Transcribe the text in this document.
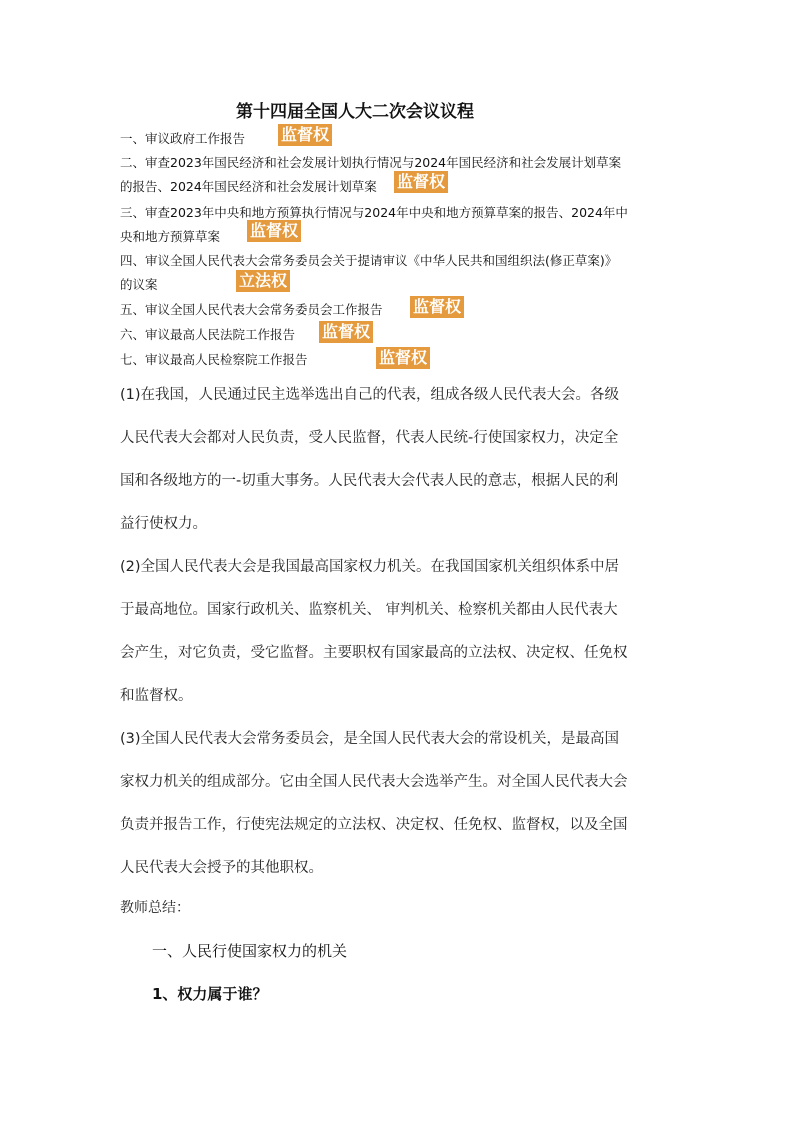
第十四届全国人大二次会议议程
一、审议政府工作报告 监督权
二、审查2023年国民经济和社会发展计划执行情况与2024年国民经济和社会发展计划草案
的报告、2024年国民经济和社会发展计划草案 监督权
三、审查2023年中央和地方预算执行情况与2024年中央和地方预算草案的报告、2024年中
央和地方预算草案 监督权
四、审议全国人民代表大会常务委员会关于提请审议《中华人民共和国组织法(修正草案)》
的议案	立法权
五、审议全国人民代表大会常务委员会工作报告 监督权
六、审议最高人民法院工作报告 监督权
七、审议最高人民检察院工作报告	监督权
(1)在我国，人民通过民主选举选出自己的代表，组成各级人民代表大会。各级
人民代表大会都对人民负责，受人民监督，代表人民统-行使国家权力，决定全
国和各级地方的一-切重大事务。人民代表大会代表人民的意志，根据人民的利
益行使权力。
(2)全国人民代表大会是我国最高国家权力机关。在我国国家机关组织体系中居
于最高地位。国家行政机关、监察机关、 审判机关、检察机关都由人民代表大
会产生，对它负责，受它监督。主要职权有国家最高的立法权、决定权、任免权
和监督权。
(3)全国人民代表大会常务委员会，是全国人民代表大会的常设机关，是最高国
家权力机关的组成部分。它由全国人民代表大会选举产生。对全国人民代表大会
负责并报告工作，行使宪法规定的立法权、决定权、任免权、监督权，以及全国
人民代表大会授予的其他职权。
教师总结：
一、人民行使国家权力的机关
1、权力属于谁？
